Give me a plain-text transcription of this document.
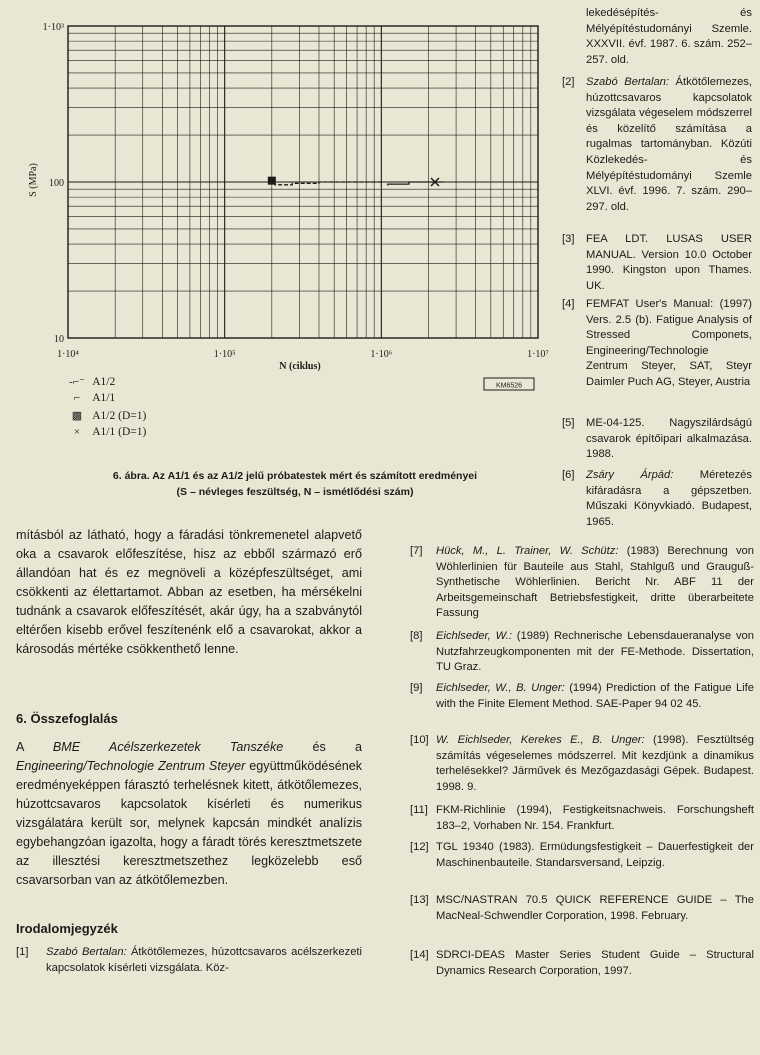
1·10⁴	1·10⁵	1·10⁶	1·10⁷
1·10³
100
10
S (MPa)
N (ciklus)
KM6526
-⌐⁻ A1/2
⌐ A1/1
▩ A1/2 (D=1)
× A1/1 (D=1)
6. ábra. Az A1/1 és az A1/2 jelű próbatestek mért és számított eredményei
(S – névleges feszültség, N – ismétlődési szám)

mításból az látható, hogy a fáradási tönkremenetel alapvető oka a csavarok előfeszítése, hisz az ebből származó erő állandóan hat és ez megnöveli a középfeszültséget, ami csökkenti az élettartamot. Abban az esetben, ha mérsékelni tudnánk a csavarok előfeszítését, akár úgy, ha a szabványtól eltérően kisebb erővel feszítenénk elő a csavarokat, akkor a károsodás mértéke csökkenthető lenne.

6. Összefoglalás

A BME Acélszerkezetek Tanszéke és a Engineering/Technologie Zentrum Steyer együttműködésének eredményeképpen fárasztó terhelésnek kitett, átkötőlemezes, húzottcsavaros kapcsolatok kísérleti és numerikus vizsgálatára került sor, melynek kapcsán mindkét analízis egybehangzóan igazolta, hogy a fáradt törés keresztmetszete az illesztési keresztmetszethez legközelebb eső csavarsorban van az átkötőlemezben.

Irodalomjegyzék
[1]	Szabó Bertalan: Átkötőlemezes, húzottcsavaros acélszerkezeti kapcsolatok kísérleti vizsgálata. Köz-
lekedésépítés- és Mélyépítéstudományi Szemle. XXXVII. évf. 1987. 6. szám. 252–257. old.
[2]	Szabó Bertalan: Átkötőlemezes, húzottcsavaros kapcsolatok vizsgálata végeselem módszerrel és közelítő számítása a rugalmas tartományban. Közúti Közlekedés- és Mélyépítéstudományi Szemle XLVI. évf. 1996. 7. szám. 290–297. old.
[3]	FEA LDT. LUSAS USER MANUAL. Version 10.0 October 1990. Kingston upon Thames. UK.
[4]	FEMFAT User's Manual: (1997) Vers. 2.5 (b). Fatigue Analysis of Stressed Componets, Engineering/Technologie Zentrum Steyer, SAT, Steyr Daimler Puch AG, Steyer, Austria
[5]	ME-04-125. Nagyszilárdságú csavarok építőipari alkalmazása. 1988.
[6]	Zsáry Árpád: Méretezés kifáradásra a gépszetben. Műszaki Könyvkiadó. Budapest, 1965.
[7]	Hück, M., L. Trainer, W. Schütz: (1983) Berechnung von Wöhlerlinien für Bauteile aus Stahl, Stahlguß und Grauguß-Synthetische Wöhlerlinien. Bericht Nr. ABF 11 der Arbeitsgemeinschaft Betriebsfestigkeit, dritte überarbeitete Fassung
[8]	Eichlseder, W.: (1989) Rechnerische Lebensdaueranalyse von Nutzfahrzeugkomponenten mit der FE-Methode. Dissertation, TU Graz.
[9]	Eichlseder, W., B. Unger: (1994) Prediction of the Fatigue Life with the Finite Element Method. SAE-Paper 94 02 45.
[10] W. Eichlseder, Kerekes E., B. Unger: (1998). Fesztültség számítás végeselemes módszerrel. Mit kezdjünk a dinamikus terhelésekkel? Járművek és Mezőgazdasági Gépek. Budapest. 1998. 9.
[11] FKM-Richlinie (1994), Festigkeitsnachweis. Forschungsheft 183–2, Vorhaben Nr. 154. Frankfurt.
[12] TGL 19340 (1983). Ermüdungsfestigkeit – Dauerfestigkeit der Maschinenbauteile. Standarsversand, Leipzig.
[13] MSC/NASTRAN 70.5 QUICK REFERENCE GUIDE – The MacNeal-Schwendler Corporation, 1998. February.
[14] SDRCI-DEAS Master Series Student Guide – Structural Dynamics Research Corporation, 1997.
